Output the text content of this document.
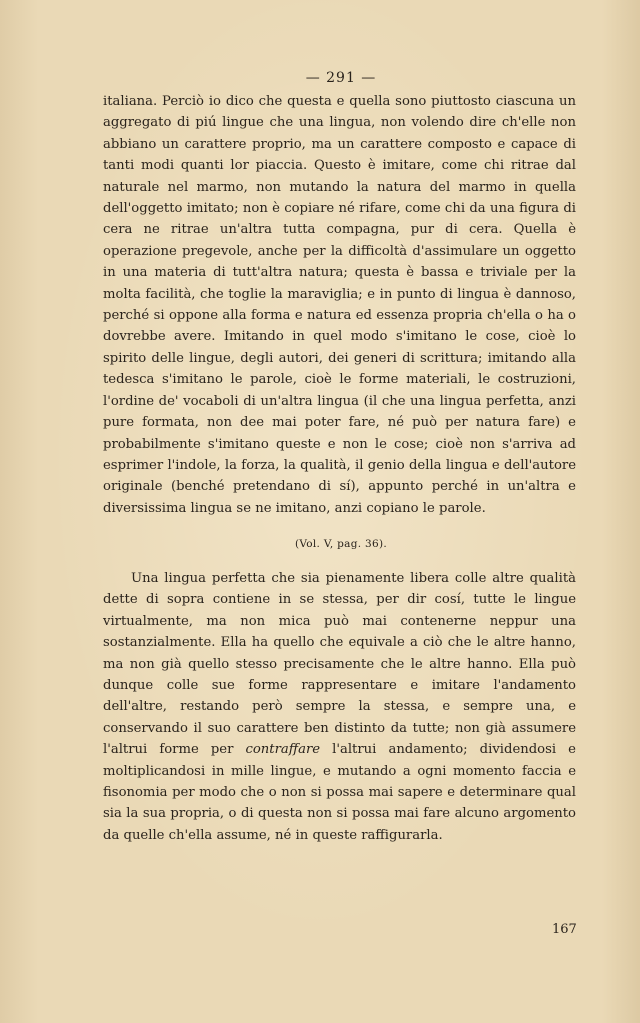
— 291 —

italiana. Perciò io dico che questa e quella sono piuttosto ciascuna un aggregato di piú lingue che una lingua, non volendo dire ch'elle non abbiano un carattere proprio, ma un carattere composto e capace di tanti modi quanti lor piaccia. Questo è imitare, come chi ritrae dal naturale nel marmo, non mutando la natura del marmo in quella dell'oggetto imitato; non è copiare né rifare, come chi da una figura di cera ne ritrae un'altra tutta compagna, pur di cera. Quella è operazione pregevole, anche per la difficoltà d'assimulare un oggetto in una materia di tutt'altra natura; questa è bassa e triviale per la molta facilità, che toglie la maraviglia; e in punto di lingua è dannoso, perché si oppone alla forma e natura ed essenza propria ch'ella o ha o dovrebbe avere. Imitando in quel modo s'imitano le cose, cioè lo spirito delle lingue, degli autori, dei generi di scrittura; imitando alla tedesca s'imitano le parole, cioè le forme materiali, le costruzioni, l'ordine de' vocaboli di un'altra lingua (il che una lingua perfetta, anzi pure formata, non dee mai poter fare, né può per natura fare) e probabilmente s'imitano queste e non le cose; cioè non s'arriva ad esprimer l'indole, la forza, la qualità, il genio della lingua e dell'autore originale (benché pretendano di sí), appunto perché in un'altra e diversissima lingua se ne imitano, anzi copiano le parole.

(Vol. V, pag. 36).

Una lingua perfetta che sia pienamente libera colle altre qualità dette di sopra contiene in se stessa, per dir cosí, tutte le lingue virtualmente, ma non mica può mai contenerne neppur una sostanzialmente. Ella ha quello che equivale a ciò che le altre hanno, ma non già quello stesso precisamente che le altre hanno. Ella può dunque colle sue forme rappresentare e imitare l'andamento dell'altre, restando però sempre la stessa, e sempre una, e conservando il suo carattere ben distinto da tutte; non già assumere l'altrui forme per contraffare l'altrui andamento; dividendosi e moltiplicandosi in mille lingue, e mutando a ogni momento faccia e fisonomia per modo che o non si possa mai sapere e determinare qual sia la sua propria, o di questa non si possa mai fare alcuno argomento da quelle ch'ella assume, né in queste raffigurarla.

167
